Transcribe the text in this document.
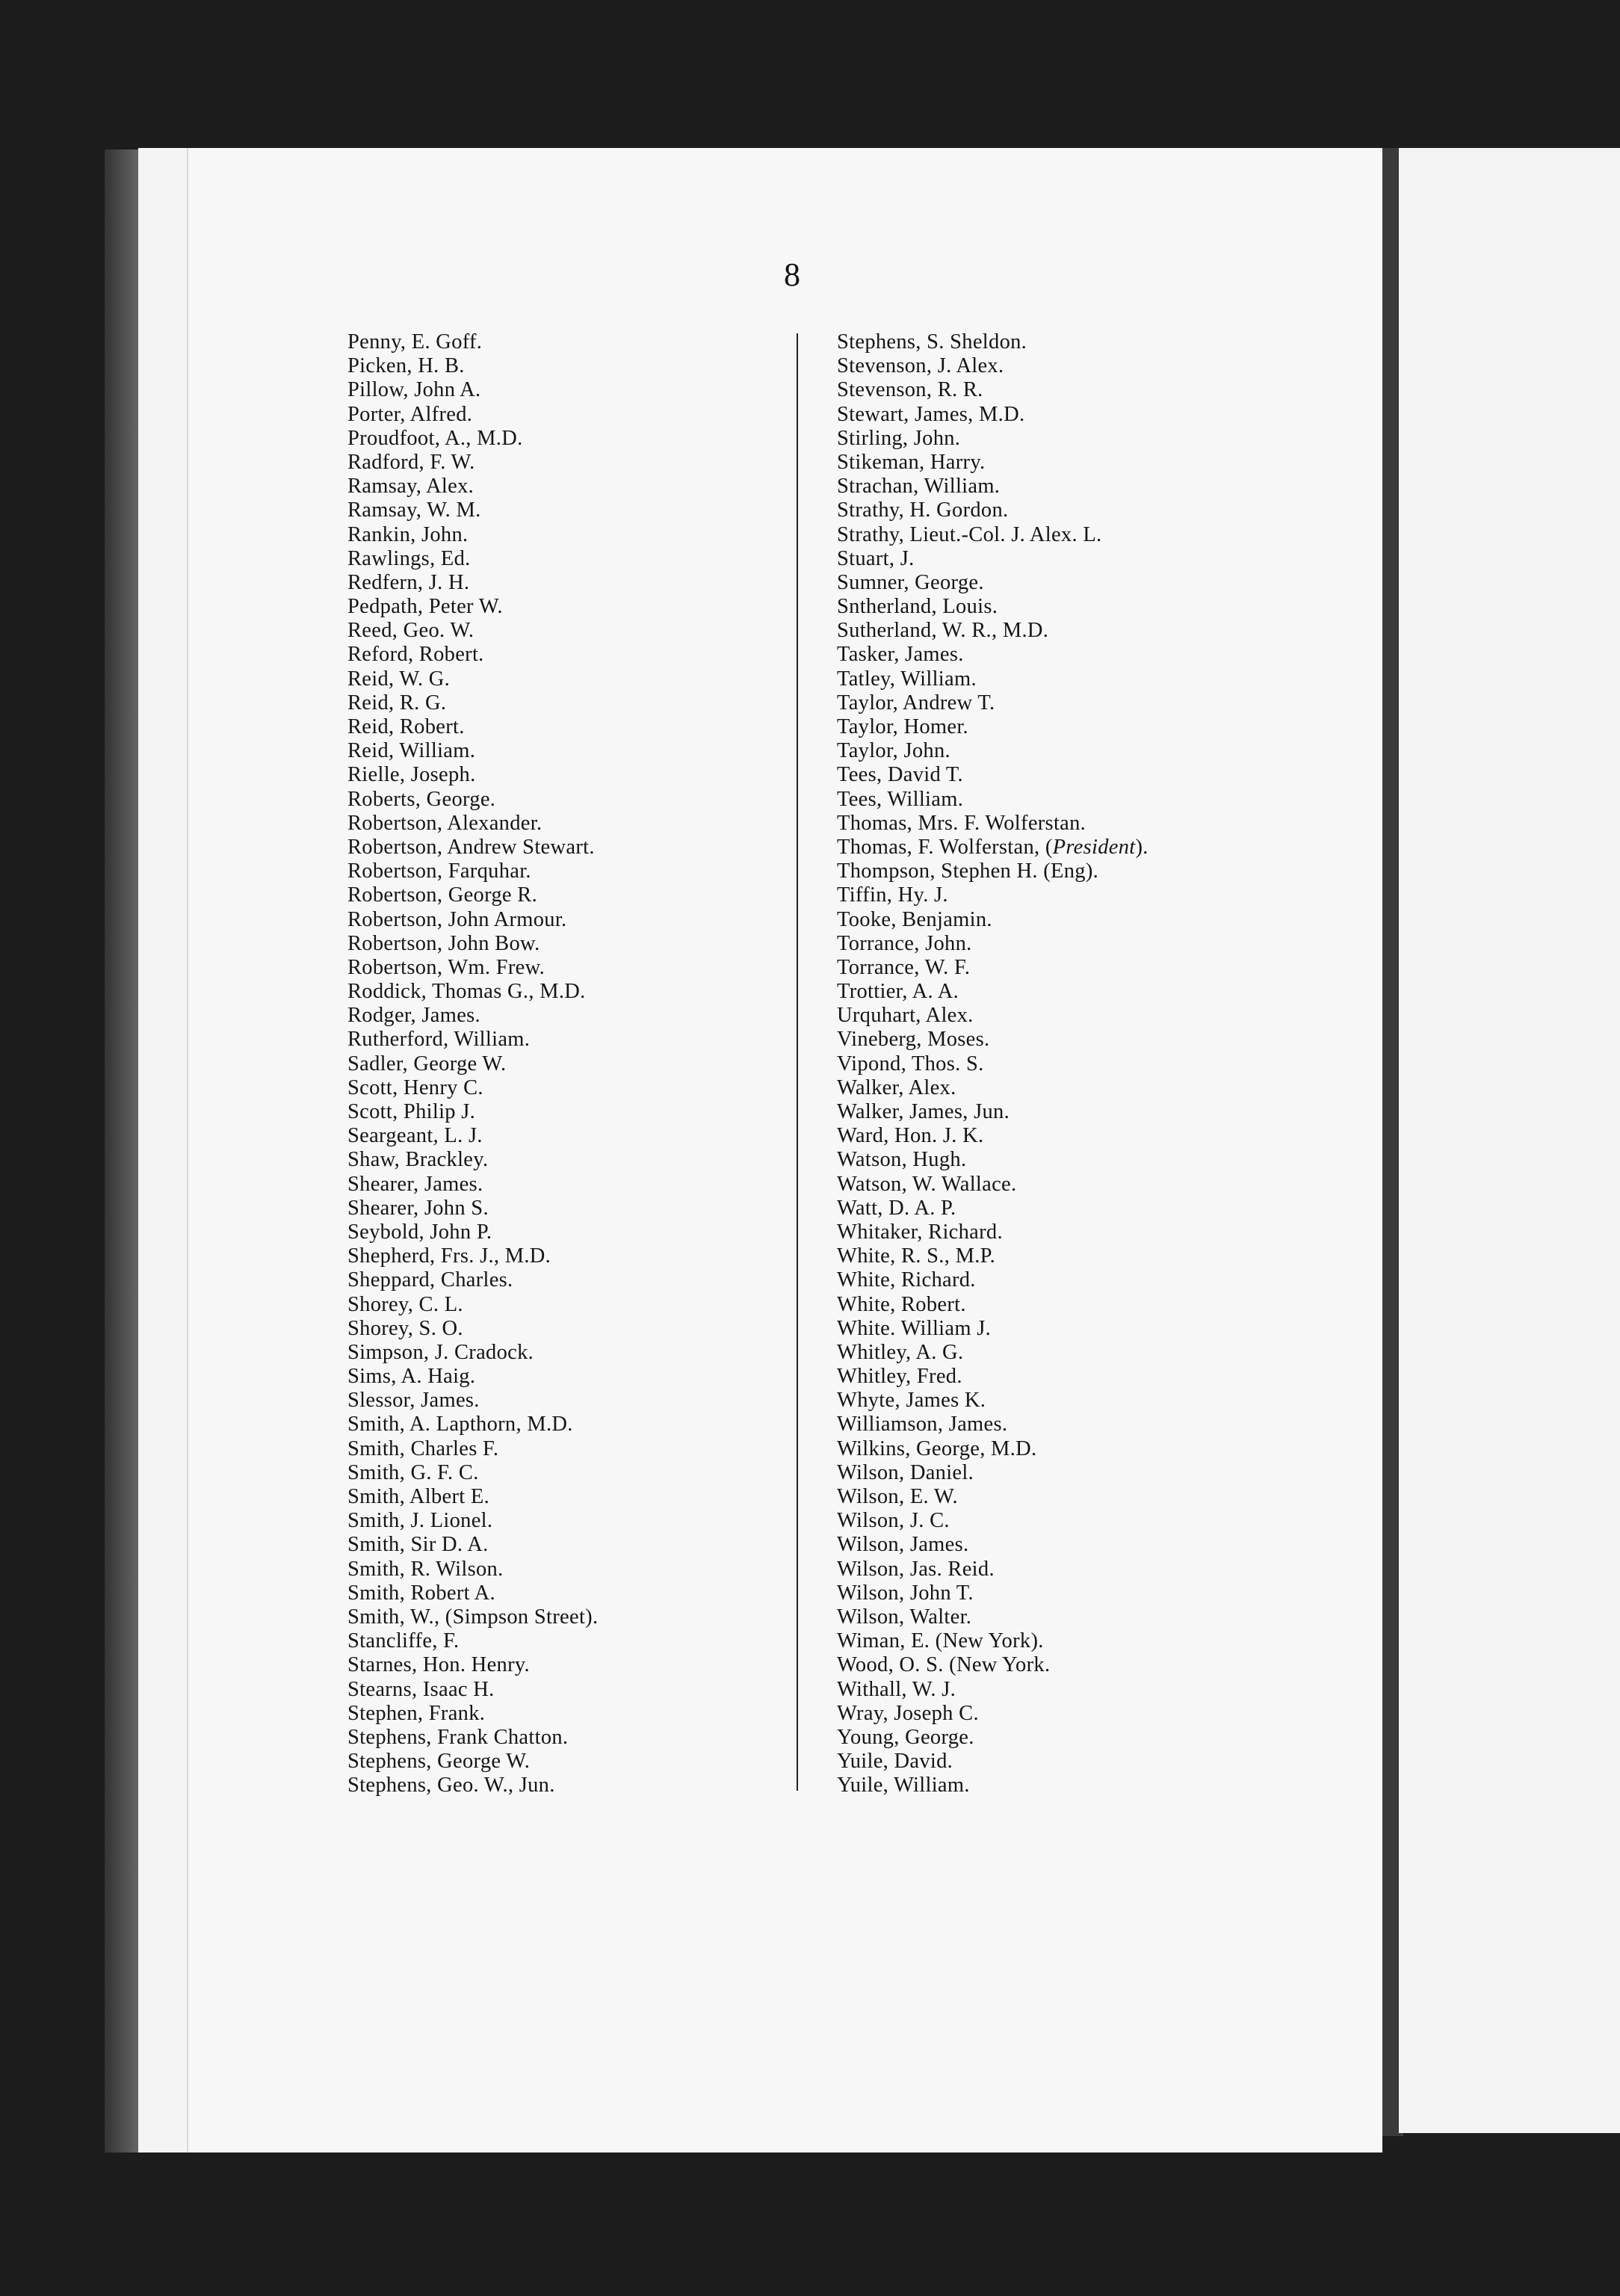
8
Penny, E. Goff.
Picken, H. B.
Pillow, John A.
Porter, Alfred.
Proudfoot, A., M.D.
Radford, F. W.
Ramsay, Alex.
Ramsay, W. M.
Rankin, John.
Rawlings, Ed.
Redfern, J. H.
Pedpath, Peter W.
Reed, Geo. W.
Reford, Robert.
Reid, W. G.
Reid, R. G.
Reid, Robert.
Reid, William.
Rielle, Joseph.
Roberts, George.
Robertson, Alexander.
Robertson, Andrew Stewart.
Robertson, Farquhar.
Robertson, George R.
Robertson, John Armour.
Robertson, John Bow.
Robertson, Wm. Frew.
Roddick, Thomas G., M.D.
Rodger, James.
Rutherford, William.
Sadler, George W.
Scott, Henry C.
Scott, Philip J.
Seargeant, L. J.
Shaw, Brackley.
Shearer, James.
Shearer, John S.
Seybold, John P.
Shepherd, Frs. J., M.D.
Sheppard, Charles.
Shorey, C. L.
Shorey, S. O.
Simpson, J. Cradock.
Sims, A. Haig.
Slessor, James.
Smith, A. Lapthorn, M.D.
Smith, Charles F.
Smith, G. F. C.
Smith, Albert E.
Smith, J. Lionel.
Smith, Sir D. A.
Smith, R. Wilson.
Smith, Robert A.
Smith, W., (Simpson Street).
Stancliffe, F.
Starnes, Hon. Henry.
Stearns, Isaac H.
Stephen, Frank.
Stephens, Frank Chatton.
Stephens, George W.
Stephens, Geo. W., Jun.
Stephens, S. Sheldon.
Stevenson, J. Alex.
Stevenson, R. R.
Stewart, James, M.D.
Stirling, John.
Stikeman, Harry.
Strachan, William.
Strathy, H. Gordon.
Strathy, Lieut.-Col. J. Alex. L.
Stuart, J.
Sumner, George.
Sntherland, Louis.
Sutherland, W. R., M.D.
Tasker, James.
Tatley, William.
Taylor, Andrew T.
Taylor, Homer.
Taylor, John.
Tees, David T.
Tees, William.
Thomas, Mrs. F. Wolferstan.
Thomas, F. Wolferstan, (President).
Thompson, Stephen H. (Eng).
Tiffin, Hy. J.
Tooke, Benjamin.
Torrance, John.
Torrance, W. F.
Trottier, A. A.
Urquhart, Alex.
Vineberg, Moses.
Vipond, Thos. S.
Walker, Alex.
Walker, James, Jun.
Ward, Hon. J. K.
Watson, Hugh.
Watson, W. Wallace.
Watt, D. A. P.
Whitaker, Richard.
White, R. S., M.P.
White, Richard.
White, Robert.
White. William J.
Whitley, A. G.
Whitley, Fred.
Whyte, James K.
Williamson, James.
Wilkins, George, M.D.
Wilson, Daniel.
Wilson, E. W.
Wilson, J. C.
Wilson, James.
Wilson, Jas. Reid.
Wilson, John T.
Wilson, Walter.
Wiman, E. (New York).
Wood, O. S. (New York.
Withall, W. J.
Wray, Joseph C.
Young, George.
Yuile, David.
Yuile, William.
